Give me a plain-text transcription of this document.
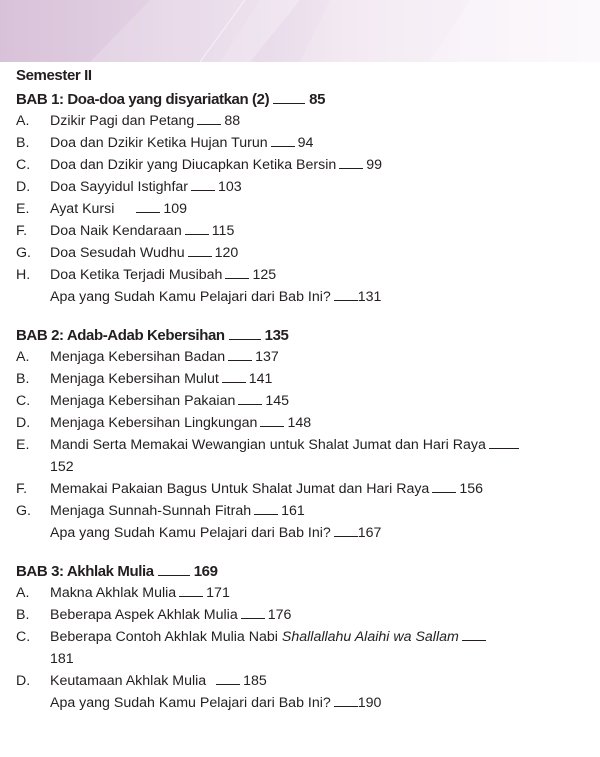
Semester II
BAB 1: Doa-doa yang disyariatkan (2)	85
A.	Dzikir Pagi dan Petang 88
B.	Doa dan Dzikir Ketika Hujan Turun 94
C.	Doa dan Dzikir yang Diucapkan Ketika Bersin 99
D.	Doa Sayyidul Istighfar 103
E.	Ayat Kursi	109
F.	Doa Naik Kendaraan 115
G.	Doa Sesudah Wudhu 120
H.	Doa Ketika Terjadi Musibah 125
Apa yang Sudah Kamu Pelajari dari Bab Ini? 131
BAB 2: Adab-Adab Kebersihan	135
A.	Menjaga Kebersihan Badan 137
B.	Menjaga Kebersihan Mulut 141
C.	Menjaga Kebersihan Pakaian 145
D.	Menjaga Kebersihan Lingkungan 148
E.	Mandi Serta Memakai Wewangian untuk Shalat Jumat dan Hari Raya
152
F.	Memakai Pakaian Bagus Untuk Shalat Jumat dan Hari Raya 156
G.	Menjaga Sunnah-Sunnah Fitrah 161
Apa yang Sudah Kamu Pelajari dari Bab Ini? 167
BAB 3: Akhlak Mulia	169
A.	Makna Akhlak Mulia 171
B.	Beberapa Aspek Akhlak Mulia 176
C.	Beberapa Contoh Akhlak Mulia Nabi Shallallahu Alaihi wa Sallam
181
D.	Keutamaan Akhlak Mulia	185
Apa yang Sudah Kamu Pelajari dari Bab Ini? 190
